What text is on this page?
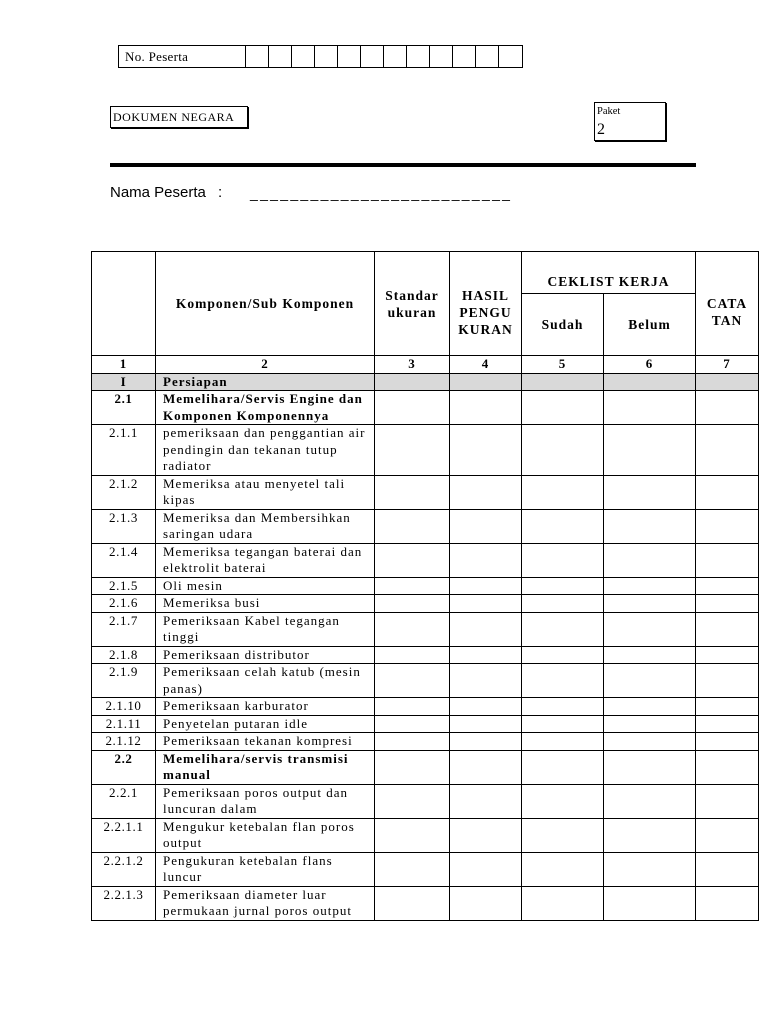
No. Peserta
DOKUMEN NEGARA	Paket
2
Nama Peserta : __________________________
	Komponen/Sub Komponen	Standar ukuran	HASIL PENGU KURAN	CEKLIST KERJA		CATA TAN
				Sudah	Belum	
1	2	3	4	5	6	7
I	Persiapan					
2.1	Memelihara/Servis Engine dan
Komponen Komponennya					
2.1.1	pemeriksaan dan penggantian air
pendingin dan tekanan tutup
radiator					
2.1.2	Memeriksa atau menyetel tali
kipas					
2.1.3	Memeriksa dan Membersihkan
saringan udara					
2.1.4	Memeriksa tegangan baterai dan
elektrolit baterai					
2.1.5	Oli mesin					
2.1.6	Memeriksa busi					
2.1.7	Pemeriksaan Kabel tegangan
tinggi					
2.1.8	Pemeriksaan distributor					
2.1.9	Pemeriksaan celah katub (mesin
panas)					
2.1.10	Pemeriksaan karburator					
2.1.11	Penyetelan putaran idle					
2.1.12	Pemeriksaan tekanan kompresi					
2.2	Memelihara/servis transmisi
manual					
2.2.1	Pemeriksaan poros output dan
luncuran dalam					
2.2.1.1	Mengukur ketebalan flan poros
output					
2.2.1.2	Pengukuran ketebalan flans
luncur					
2.2.1.3	Pemeriksaan diameter luar
permukaan jurnal poros output					
